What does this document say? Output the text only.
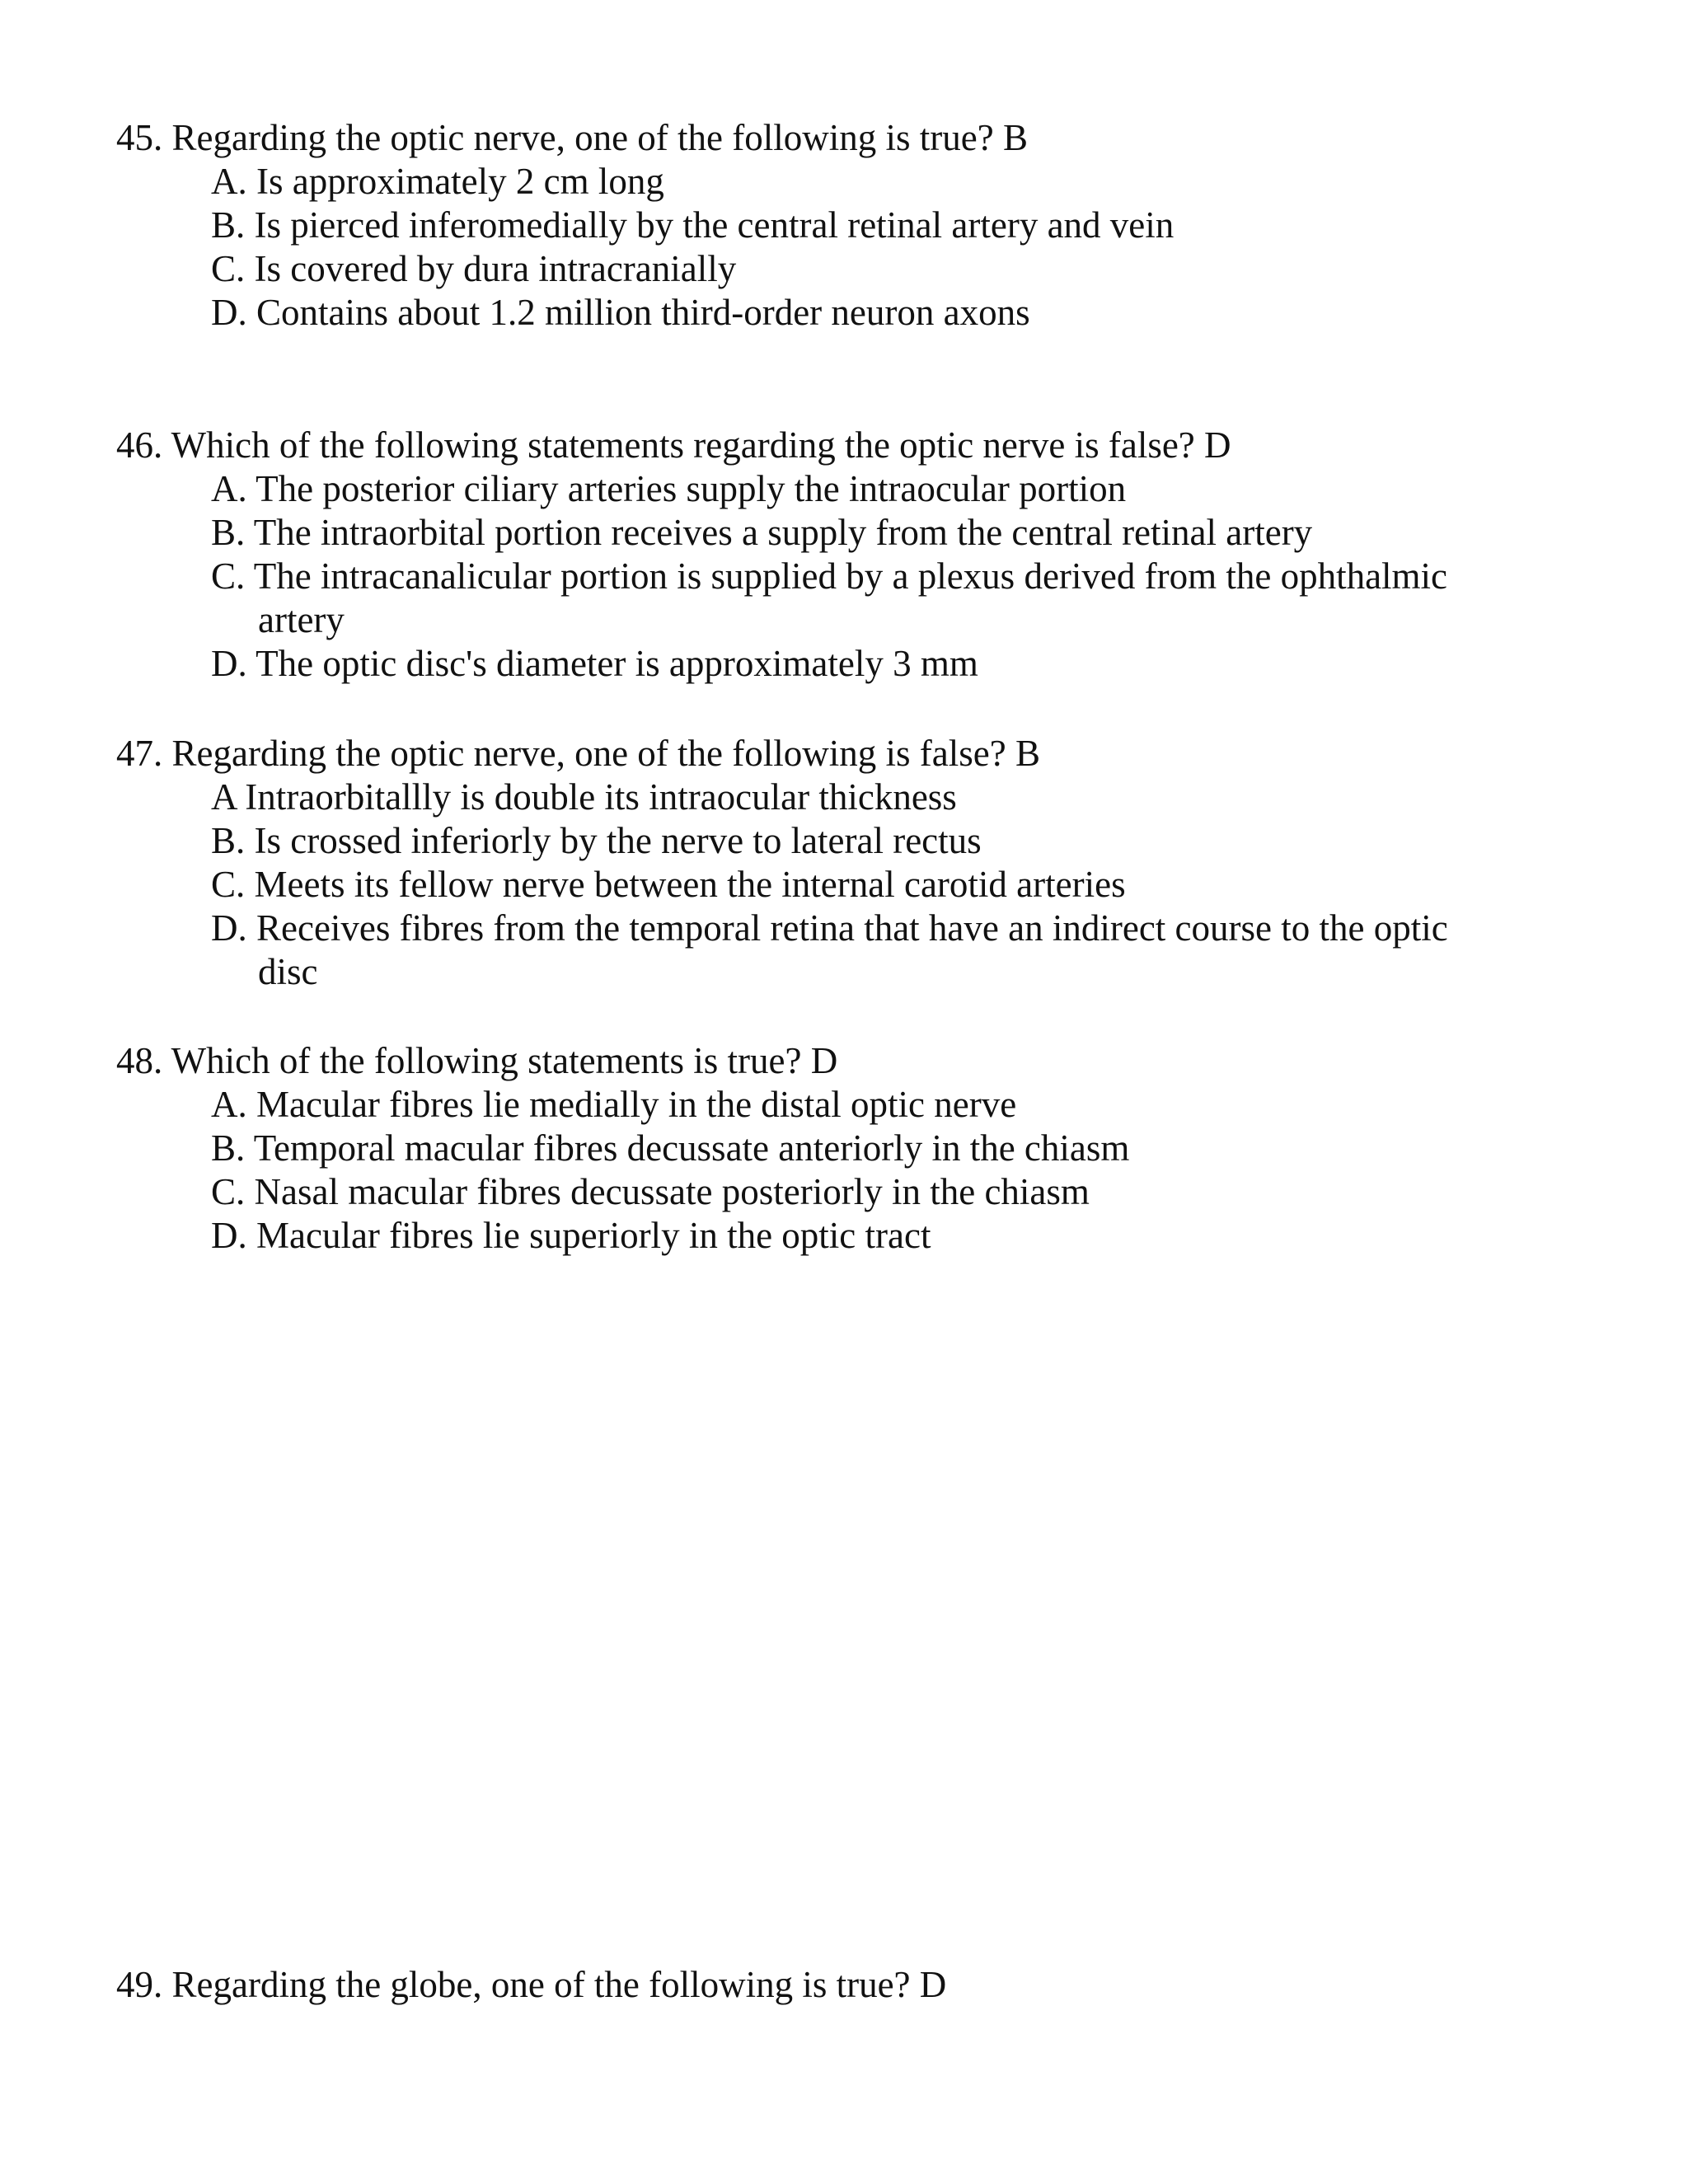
45. Regarding the optic nerve, one of the following is true? B

A. Is approximately 2 cm long
B. Is pierced inferomedially by the central retinal artery and vein
C. Is covered by dura intracranially
D. Contains about 1.2 million third-order neuron axons

46. Which of the following statements regarding the optic nerve is false? D

A. The posterior ciliary arteries supply the intraocular portion
B. The intraorbital portion receives a supply from the central retinal artery
C. The intracanalicular portion is supplied by a plexus derived from the ophthalmic
artery
D. The optic disc's diameter is approximately 3 mm

47. Regarding the optic nerve, one of the following is false? B

A Intraorbitallly is double its intraocular thickness
B. Is crossed inferiorly by the nerve to lateral rectus
C. Meets its fellow nerve between the internal carotid arteries
D. Receives fibres from the temporal retina that have an indirect course to the optic
disc

48. Which of the following statements is true? D

A. Macular fibres lie medially in the distal optic nerve
B. Temporal macular fibres decussate anteriorly in the chiasm
C. Nasal macular fibres decussate posteriorly in the chiasm
D. Macular fibres lie superiorly in the optic tract

49. Regarding the globe, one of the following is true? D
